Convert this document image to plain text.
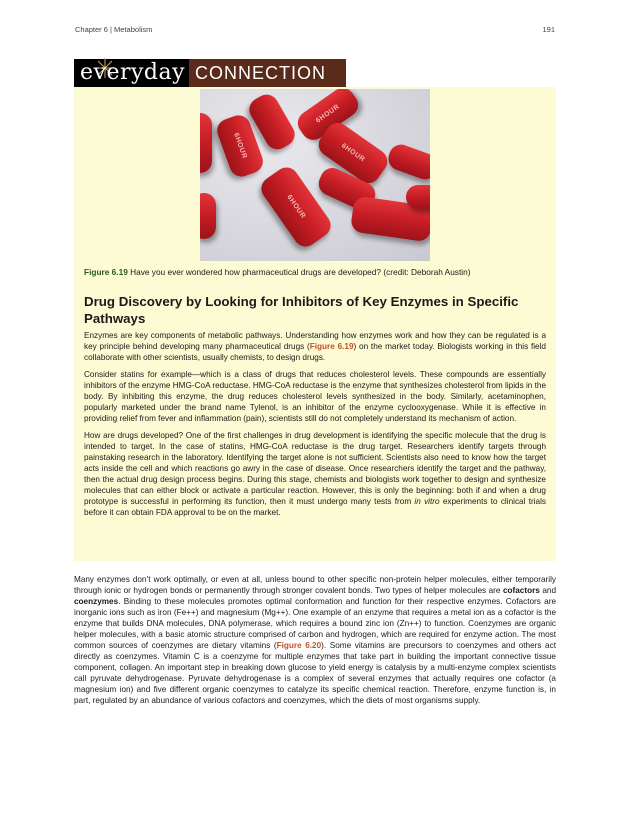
Chapter 6 | Metabolism	191
everyday CONNECTION
6HOUR
6HOUR
6HOUR
6HOUR
Figure 6.19 Have you ever wondered how pharmaceutical drugs are developed? (credit: Deborah Austin)
Drug Discovery by Looking for Inhibitors of Key Enzymes in Specific Pathways

Enzymes are key components of metabolic pathways. Understanding how enzymes work and how they can be regulated is a key principle behind developing many pharmaceutical drugs (Figure 6.19) on the market today. Biologists working in this field collaborate with other scientists, usually chemists, to design drugs.

Consider statins for example—which is a class of drugs that reduces cholesterol levels. These compounds are essentially inhibitors of the enzyme HMG-CoA reductase. HMG-CoA reductase is the enzyme that synthesizes cholesterol from lipids in the body. By inhibiting this enzyme, the drug reduces cholesterol levels synthesized in the body. Similarly, acetaminophen, popularly marketed under the brand name Tylenol, is an inhibitor of the enzyme cyclooxygenase. While it is effective in providing relief from fever and inflammation (pain), scientists still do not completely understand its mechanism of action.

How are drugs developed? One of the first challenges in drug development is identifying the specific molecule that the drug is intended to target. In the case of statins, HMG-CoA reductase is the drug target. Researchers identify targets through painstaking research in the laboratory. Identifying the target alone is not sufficient. Scientists also need to know how the target acts inside the cell and which reactions go awry in the case of disease. Once researchers identify the target and the pathway, then the actual drug design process begins. During this stage, chemists and biologists work together to design and synthesize molecules that can either block or activate a particular reaction. However, this is only the beginning: both if and when a drug prototype is successful in performing its function, then it must undergo many tests from in vitro experiments to clinical trials before it can obtain FDA approval to be on the market.

Many enzymes don’t work optimally, or even at all, unless bound to other specific non-protein helper molecules, either temporarily through ionic or hydrogen bonds or permanently through stronger covalent bonds. Two types of helper molecules are cofactors and coenzymes. Binding to these molecules promotes optimal conformation and function for their respective enzymes. Cofactors are inorganic ions such as iron (Fe++) and magnesium (Mg++). One example of an enzyme that requires a metal ion as a cofactor is the enzyme that builds DNA molecules, DNA polymerase, which requires a bound zinc ion (Zn++) to function. Coenzymes are organic helper molecules, with a basic atomic structure comprised of carbon and hydrogen, which are required for enzyme action. The most common sources of coenzymes are dietary vitamins (Figure 6.20). Some vitamins are precursors to coenzymes and others act directly as coenzymes. Vitamin C is a coenzyme for multiple enzymes that take part in building the important connective tissue component, collagen. An important step in breaking down glucose to yield energy is catalysis by a multi-enzyme complex scientists call pyruvate dehydrogenase. Pyruvate dehydrogenase is a complex of several enzymes that actually requires one cofactor (a magnesium ion) and five different organic coenzymes to catalyze its specific chemical reaction. Therefore, enzyme function is, in part, regulated by an abundance of various cofactors and coenzymes, which the diets of most organisms supply.
